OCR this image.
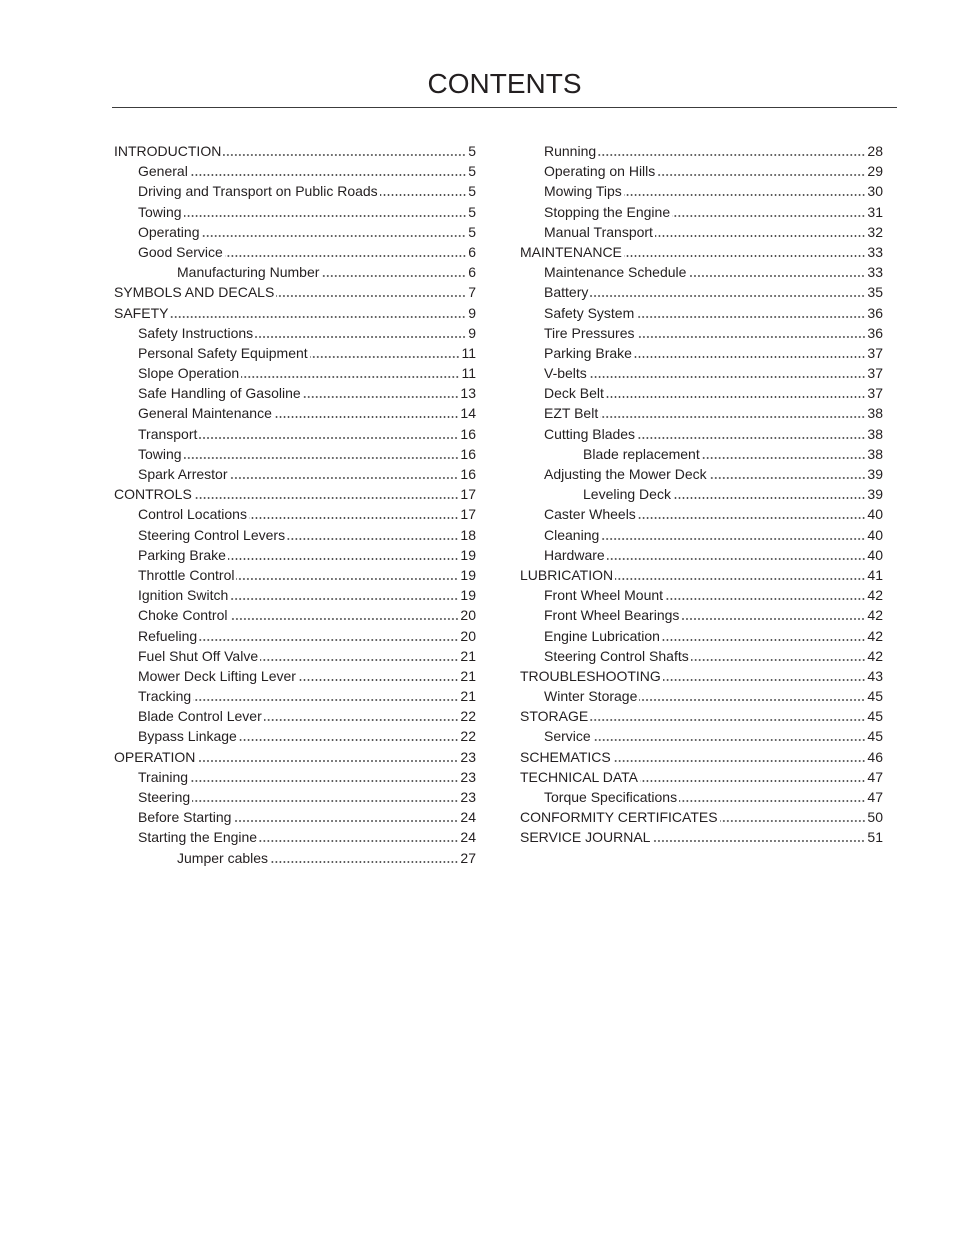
CONTENTS
INTRODUCTION	5
General	5
Driving and Transport on Public Roads	5
Towing	5
Operating	5
Good Service	6
Manufacturing Number	6
SYMBOLS AND DECALS	7
SAFETY	9
Safety Instructions	9
Personal Safety Equipment	11
Slope Operation	11
Safe Handling of Gasoline	13
General Maintenance	14
Transport	16
Towing	16
Spark Arrestor	16
CONTROLS	17
Control Locations	17
Steering Control Levers	18
Parking Brake	19
Throttle Control	19
Ignition Switch	19
Choke Control	20
Refueling	20
Fuel Shut Off Valve	21
Mower Deck Lifting Lever	21
Tracking	21
Blade Control Lever	22
Bypass Linkage	22
OPERATION	23
Training	23
Steering	23
Before Starting	24
Starting the Engine	24
Jumper cables	27
Running	28
Operating on Hills	29
Mowing Tips	30
Stopping the Engine	31
Manual Transport	32
MAINTENANCE	33
Maintenance Schedule	33
Battery	35
Safety System	36
Tire Pressures	36
Parking Brake	37
V-belts	37
Deck Belt	37
EZT Belt	38
Cutting Blades	38
Blade replacement	38
Adjusting the Mower Deck	39
Leveling Deck	39
Caster Wheels	40
Cleaning	40
Hardware	40
LUBRICATION	41
Front Wheel Mount	42
Front Wheel Bearings	42
Engine Lubrication	42
Steering Control Shafts	42
TROUBLESHOOTING	43
Winter Storage	45
STORAGE	45
Service	45
SCHEMATICS	46
TECHNICAL DATA	47
Torque Specifications	47
CONFORMITY CERTIFICATES	50
SERVICE JOURNAL	51
